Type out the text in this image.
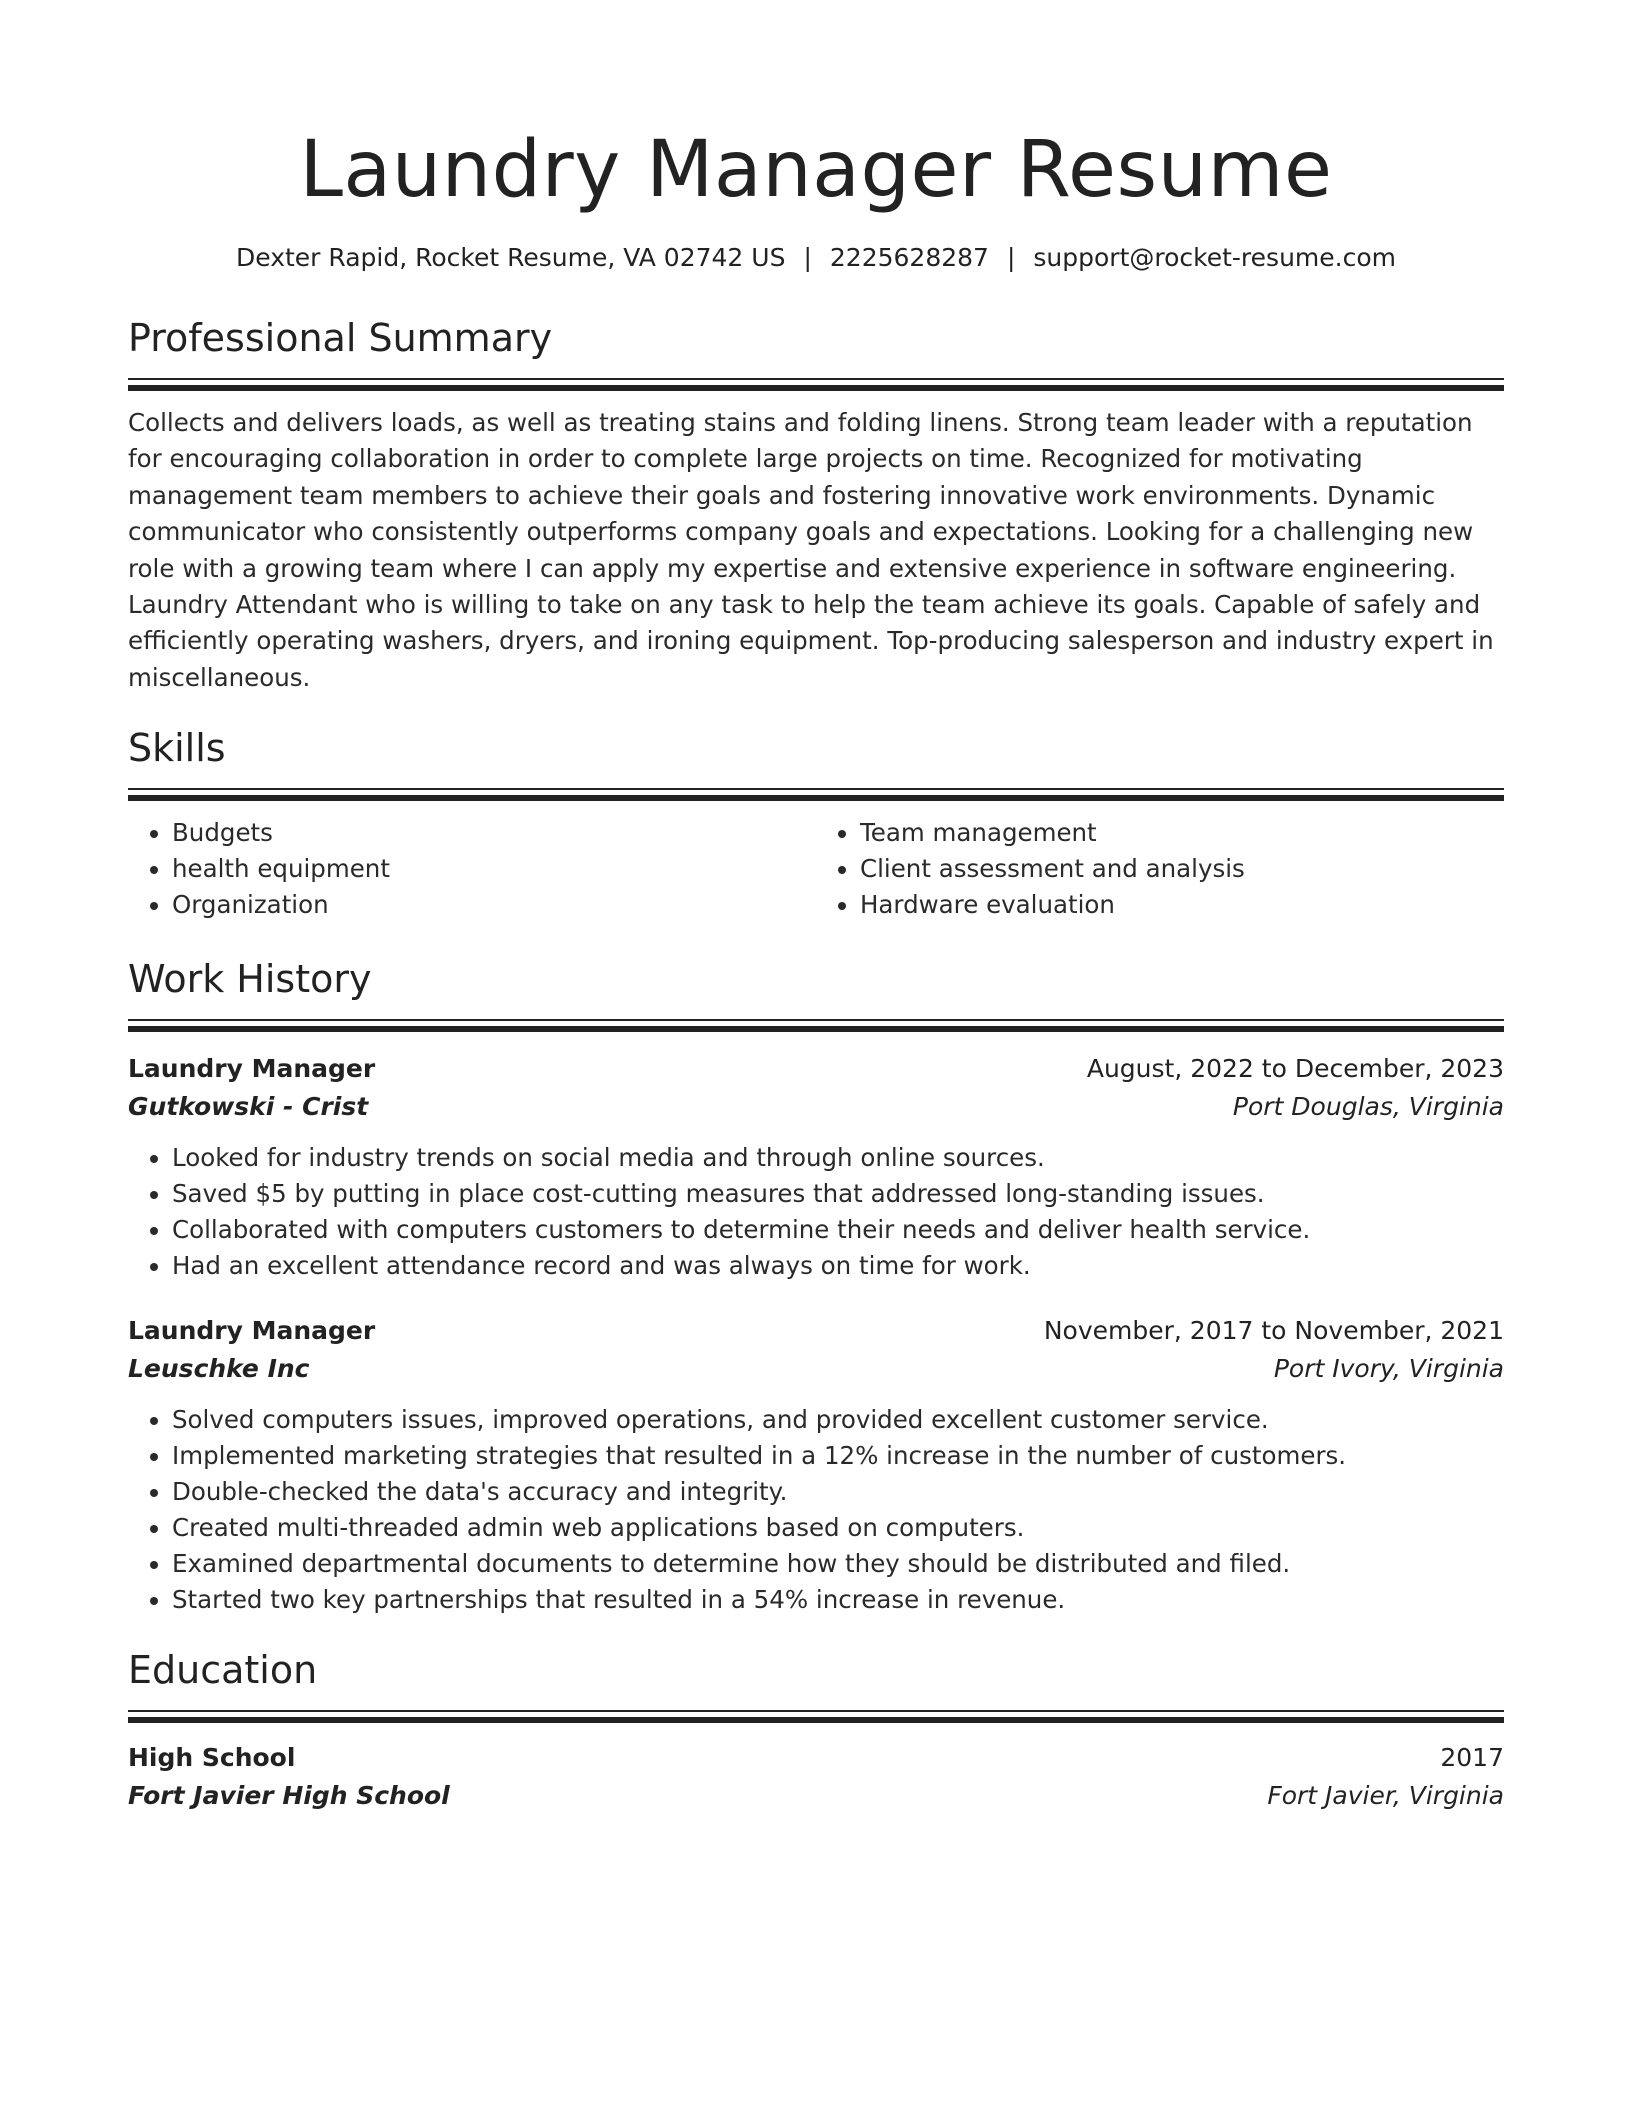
Laundry Manager Resume
Dexter Rapid, Rocket Resume, VA 02742 US | 2225628287 | support@rocket-resume.com
Professional Summary

Collects and delivers loads, as well as treating stains and folding linens. Strong team leader with a reputation for encouraging collaboration in order to complete large projects on time. Recognized for motivating management team members to achieve their goals and fostering innovative work environments. Dynamic communicator who consistently outperforms company goals and expectations. Looking for a challenging new role with a growing team where I can apply my expertise and extensive experience in software engineering. Laundry Attendant who is willing to take on any task to help the team achieve its goals. Capable of safely and efficiently operating washers, dryers, and ironing equipment. Top-producing salesperson and industry expert in miscellaneous.

Skills
• Budgets
• health equipment
• Organization
• Team management
• Client assessment and analysis
• Hardware evaluation
Work History
Laundry Manager	August, 2022 to December, 2023
Gutkowski - Crist	Port Douglas, Virginia
• Looked for industry trends on social media and through online sources.
• Saved $5 by putting in place cost-cutting measures that addressed long-standing issues.
• Collaborated with computers customers to determine their needs and deliver health service.
• Had an excellent attendance record and was always on time for work.
Laundry Manager	November, 2017 to November, 2021
Leuschke Inc	Port Ivory, Virginia
• Solved computers issues, improved operations, and provided excellent customer service.
• Implemented marketing strategies that resulted in a 12% increase in the number of customers.
• Double-checked the data's accuracy and integrity.
• Created multi-threaded admin web applications based on computers.
• Examined departmental documents to determine how they should be distributed and filed.
• Started two key partnerships that resulted in a 54% increase in revenue.
Education
High School	2017
Fort Javier High School	Fort Javier, Virginia
